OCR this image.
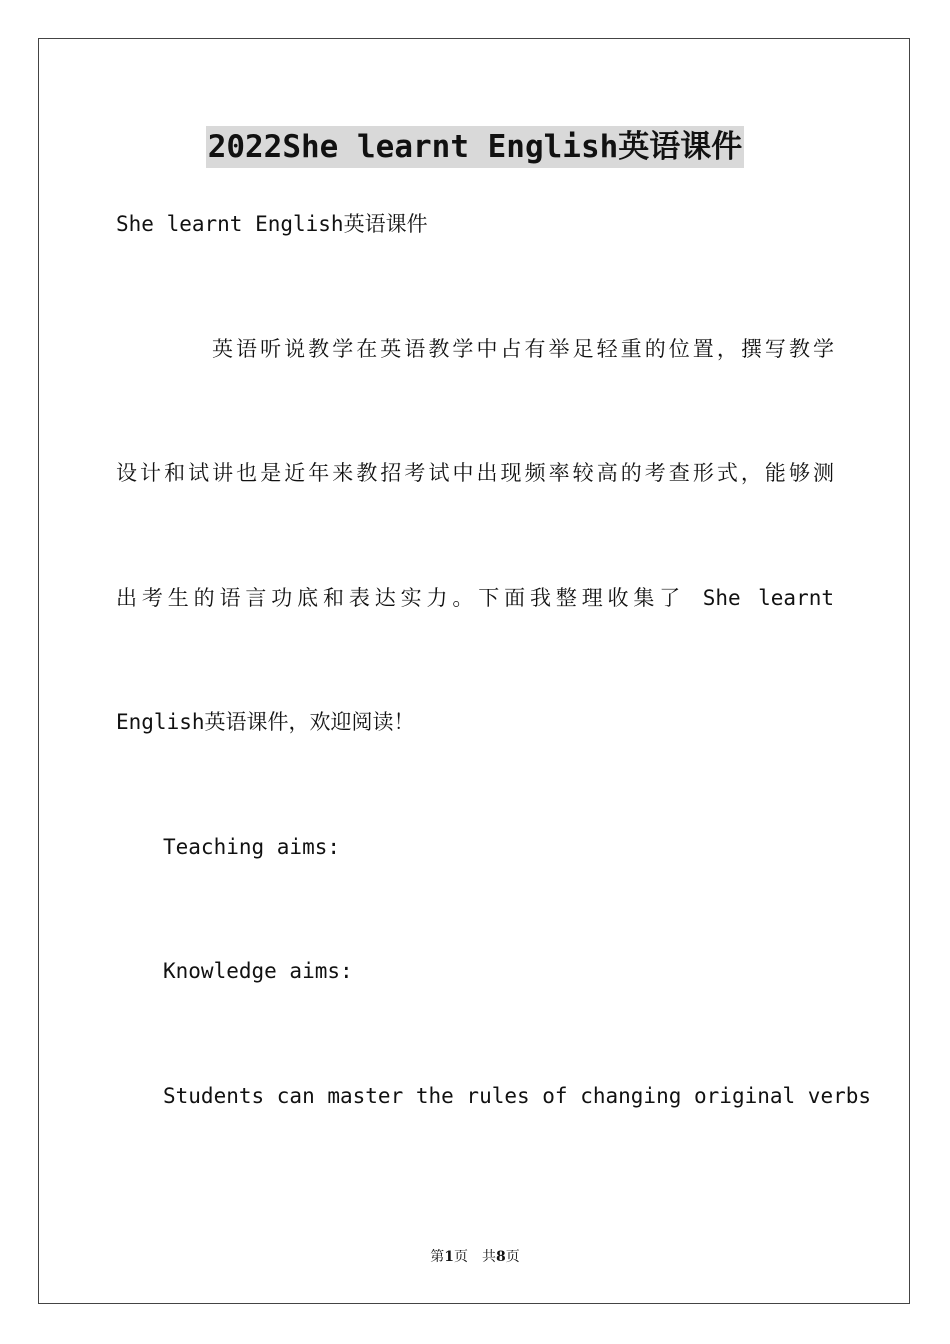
2022She learnt English英语课件
She learnt English英语课件
英语听说教学在英语教学中占有举足轻重的位置，撰写教学
设计和试讲也是近年来教招考试中出现频率较高的考查形式，能够测
出考生的语言功底和表达实力。下面我整理收集了 She learnt
English英语课件，欢迎阅读！
Teaching aims:
Knowledge aims:
Students can master the rules of changing original verbs
第1页 共8页
